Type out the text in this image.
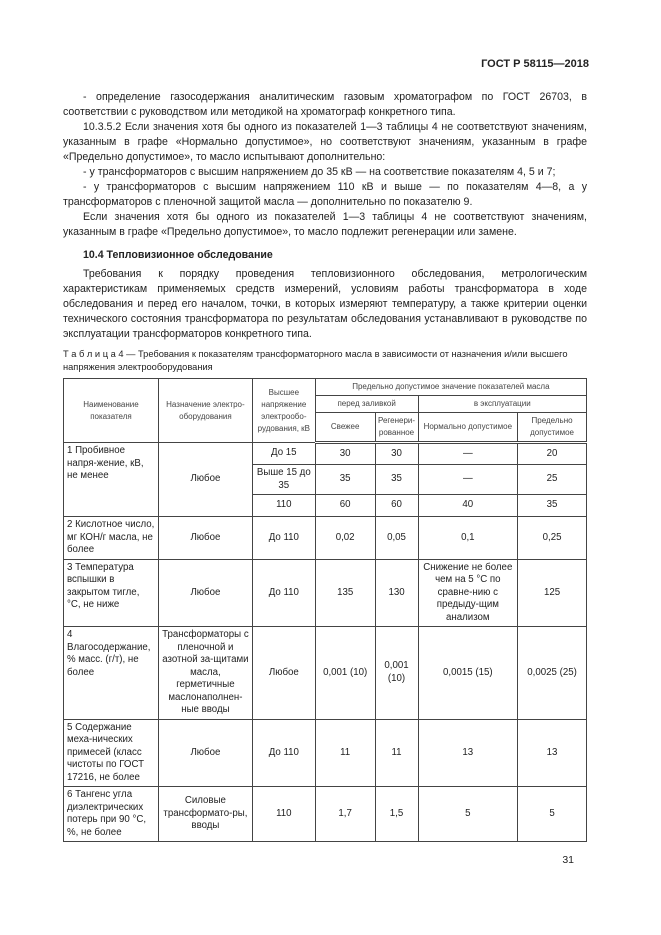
ГОСТ Р 58115—2018

- определение газосодержания аналитическим газовым хроматографом по ГОСТ 26703, в соответствии с руководством или методикой на хроматограф конкретного типа.

10.3.5.2 Если значения хотя бы одного из показателей 1—3 таблицы 4 не соответствуют значениям, указанным в графе «Нормально допустимое», но соответствуют значениям, указанным в графе «Предельно допустимое», то масло испытывают дополнительно:

- у трансформаторов с высшим напряжением до 35 кВ — на соответствие показателям 4, 5 и 7;

- у трансформаторов с высшим напряжением 110 кВ и выше — по показателям 4—8, а у трансформаторов с пленочной защитой масла — дополнительно по показателю 9.

Если значения хотя бы одного из показателей 1—3 таблицы 4 не соответствуют значениям, указанным в графе «Предельно допустимое», то масло подлежит регенерации или замене.

10.4 Тепловизионное обследование

Требования к порядку проведения тепловизионного обследования, метрологическим характеристикам применяемых средств измерений, условиям работы трансформатора в ходе обследования и перед его началом, точки, в которых измеряют температуру, а также критерии оценки технического состояния трансформатора по результатам обследования устанавливают в руководстве по эксплуатации трансформаторов конкретного типа.

Т а б л и ц а 4 — Требования к показателям трансформаторного масла в зависимости от назначения и/или высшего напряжения электрооборудования
Наименование показателя	Назначение электро-оборудования	Высшее напряжение электрообо-рудования, кВ	Предельно допустимое значение показателей масла			
			перед заливкой		в эксплуатации	
			Свежее	Регенери-рованное	Нормально допустимое	Предельно допустимое
1 Пробивное напря-жение, кВ, не менее	Любое	До 15	30	30	—	20
		Выше 15 до 35	35	35	—	25
		110	60	60	40	35
2 Кислотное число, мг КОН/г масла, не более	Любое	До 110	0,02	0,05	0,1	0,25
3 Температура вспышки в закрытом тигле, °С, не ниже	Любое	До 110	135	130	Снижение не более чем на 5 °С по сравне-нию с предыду-щим анализом	125
4 Влагосодержание, % масс. (г/т), не более	Трансформаторы с пленочной и азотной за-щитами масла, герметичные маслонаполнен-ные вводы	Любое	0,001 (10)	0,001 (10)	0,0015 (15)	0,0025 (25)
5 Содержание меха-нических примесей (класс чистоты по ГОСТ 17216, не более	Любое	До 110	11	11	13	13
6 Тангенс угла диэлектрических потерь при 90 °С, %, не более	Силовые трансформато-ры, вводы	110	1,7	1,5	5	5
31
